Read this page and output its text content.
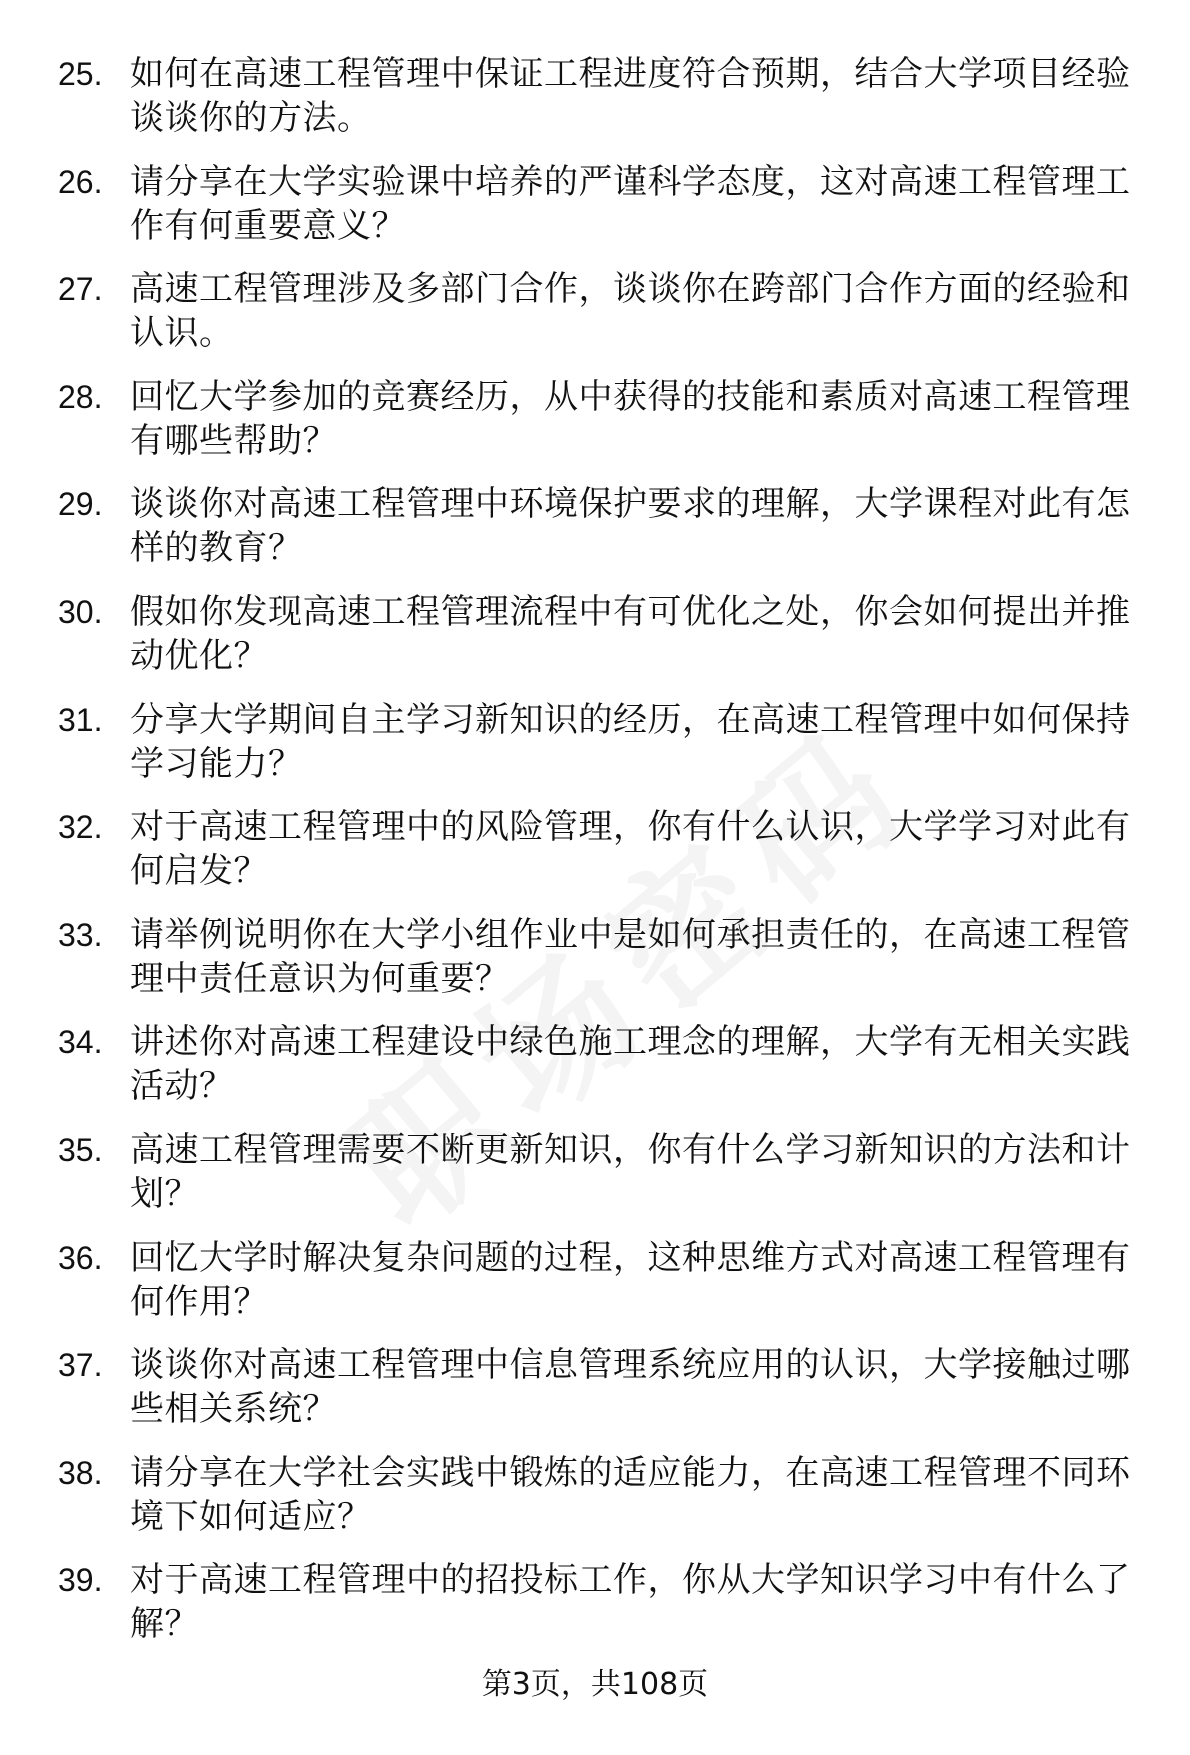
25. 如何在高速工程管理中保证工程进度符合预期，结合大学项目经验谈谈你的方法。
26. 请分享在大学实验课中培养的严谨科学态度，这对高速工程管理工作有何重要意义？
27. 高速工程管理涉及多部门合作，谈谈你在跨部门合作方面的经验和认识。
28. 回忆大学参加的竞赛经历，从中获得的技能和素质对高速工程管理有哪些帮助？
29. 谈谈你对高速工程管理中环境保护要求的理解，大学课程对此有怎样的教育？
30. 假如你发现高速工程管理流程中有可优化之处，你会如何提出并推动优化？
31. 分享大学期间自主学习新知识的经历，在高速工程管理中如何保持学习能力？
32. 对于高速工程管理中的风险管理，你有什么认识，大学学习对此有何启发？
33. 请举例说明你在大学小组作业中是如何承担责任的，在高速工程管理中责任意识为何重要？
34. 讲述你对高速工程建设中绿色施工理念的理解，大学有无相关实践活动？
35. 高速工程管理需要不断更新知识，你有什么学习新知识的方法和计划？
36. 回忆大学时解决复杂问题的过程，这种思维方式对高速工程管理有何作用？
37. 谈谈你对高速工程管理中信息管理系统应用的认识，大学接触过哪些相关系统？
38. 请分享在大学社会实践中锻炼的适应能力，在高速工程管理不同环境下如何适应？
39. 对于高速工程管理中的招投标工作，你从大学知识学习中有什么了解？
第3页，共108页
